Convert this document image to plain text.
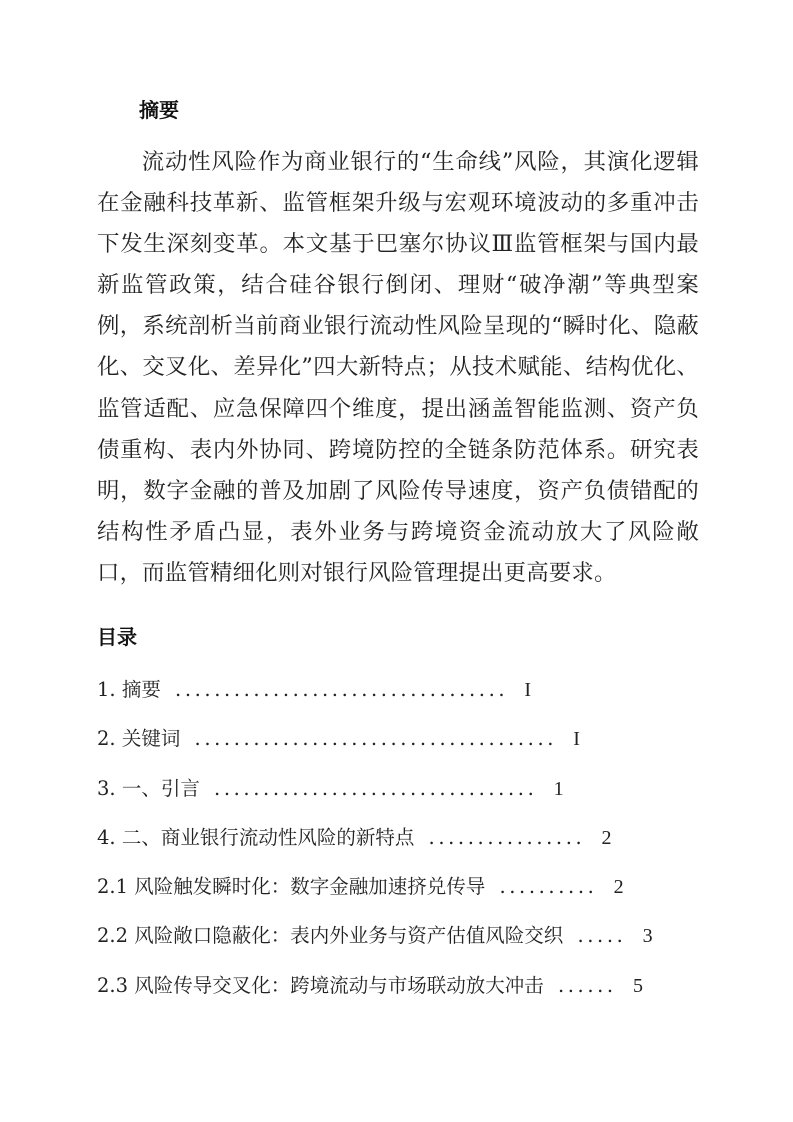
摘要

流动性风险作为商业银行的“生命线”风险，其演化逻辑在金融科技革新、监管框架升级与宏观环境波动的多重冲击下发生深刻变革。本文基于巴塞尔协议Ⅲ监管框架与国内最新监管政策，结合硅谷银行倒闭、理财“破净潮”等典型案例，系统剖析当前商业银行流动性风险呈现的“瞬时化、隐蔽化、交叉化、差异化”四大新特点；从技术赋能、结构优化、监管适配、应急保障四个维度，提出涵盖智能监测、资产负债重构、表内外协同、跨境防控的全链条防范体系。研究表明，数字金融的普及加剧了风险传导速度，资产负债错配的结构性矛盾凸显，表外业务与跨境资金流动放大了风险敞口，而监管精细化则对银行风险管理提出更高要求。

目录
1. 摘要 .................................. I
2. 关键词 ..................................... I
3. 一、引言 ................................. 1
4. 二、商业银行流动性风险的新特点 ................ 2
2.1 风险触发瞬时化：数字金融加速挤兑传导 .......... 2
2.2 风险敞口隐蔽化：表内外业务与资产估值风险交织 ..... 3
2.3 风险传导交叉化：跨境流动与市场联动放大冲击 ...... 5
